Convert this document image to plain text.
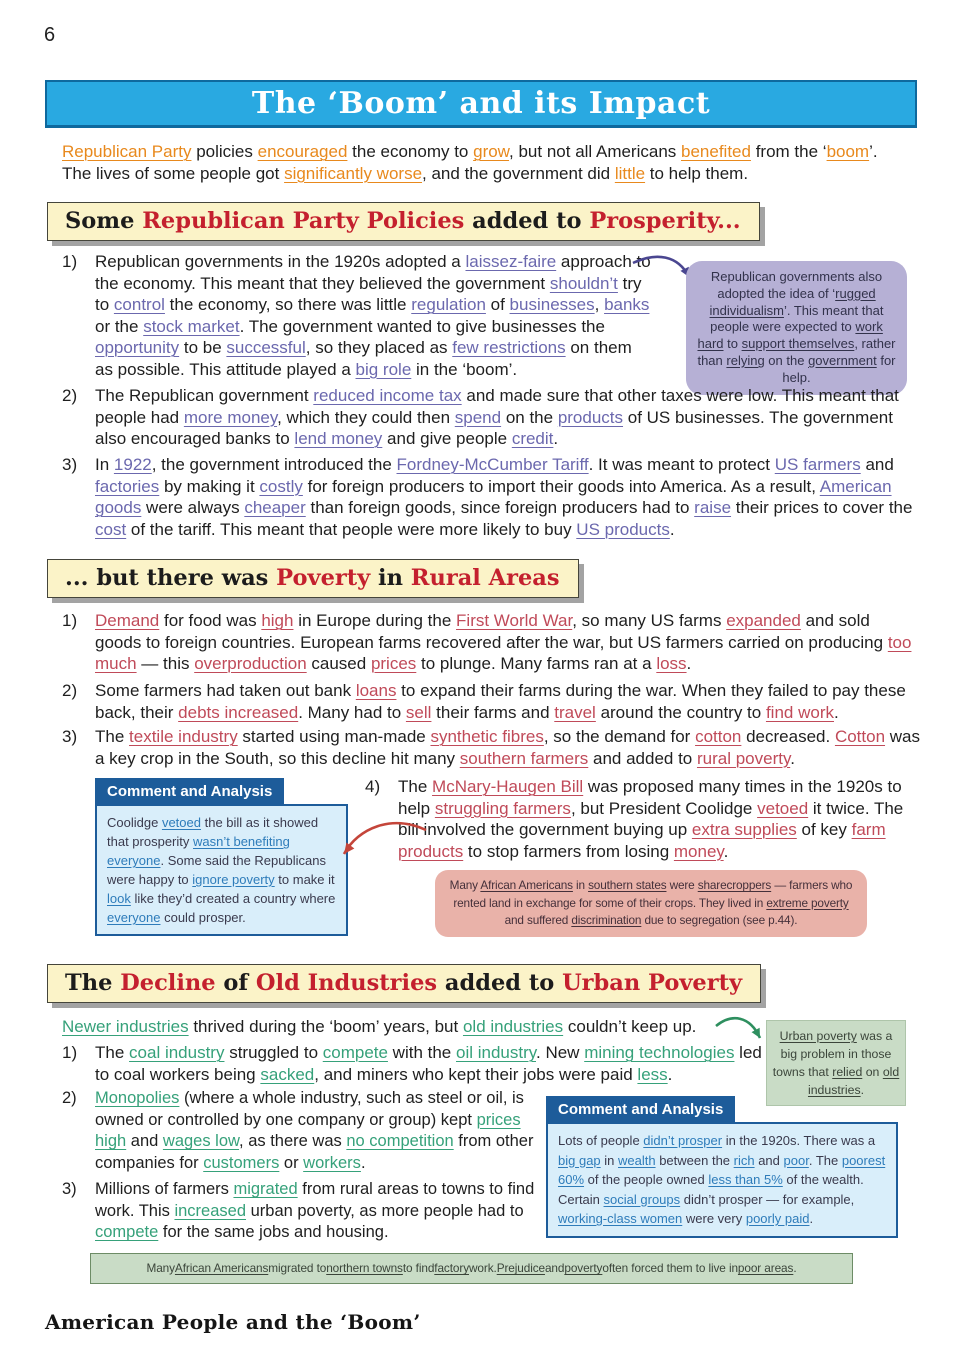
6
The ‘Boom’ and its Impact
Republican Party policies encouraged the economy to grow, but not all Americans benefited from the ‘boom’. The lives of some people got significantly worse, and the government did little to help them.
Some Republican Party Policies added to Prosperity...
1)	Republican governments in the 1920s adopted a laissez-faire approach to the economy. This meant that they believed the government shouldn’t try to control the economy, so there was little regulation of businesses, banks or the stock market. The government wanted to give businesses the opportunity to be successful, so they placed as few restrictions on them as possible. This attitude played a big role in the ‘boom’.
Republican governments also adopted the idea of ‘rugged individualism’. This meant that people were expected to work hard to support themselves, rather than relying on the government for help.
2)	The Republican government reduced income tax and made sure that other taxes were low. This meant that people had more money, which they could then spend on the products of US businesses. The government also encouraged banks to lend money and give people credit.
3)	In 1922, the government introduced the Fordney-McCumber Tariff. It was meant to protect US farmers and factories by making it costly for foreign producers to import their goods into America. As a result, American goods were always cheaper than foreign goods, since foreign producers had to raise their prices to cover the cost of the tariff. This meant that people were more likely to buy US products.
... but there was Poverty in Rural Areas
1)	Demand for food was high in Europe during the First World War, so many US farms expanded and sold goods to foreign countries. European farms recovered after the war, but US farmers carried on producing too much — this overproduction caused prices to plunge. Many farms ran at a loss.
2)	Some farmers had taken out bank loans to expand their farms during the war. When they failed to pay these back, their debts increased. Many had to sell their farms and travel around the country to find work.
3)	The textile industry started using man-made synthetic fibres, so the demand for cotton decreased. Cotton was a key crop in the South, so this decline hit many southern farmers and added to rural poverty.
Comment and Analysis
Coolidge vetoed the bill as it showed that prosperity wasn’t benefiting everyone. Some said the Republicans were happy to ignore poverty to make it look like they’d created a country where everyone could prosper.
4)	The McNary-Haugen Bill was proposed many times in the 1920s to help struggling farmers, but President Coolidge vetoed it twice. The bill involved the government buying up extra supplies of key farm products to stop farmers from losing money.
Many African Americans in southern states were sharecroppers — farmers who rented land in exchange for some of their crops. They lived in extreme poverty and suffered discrimination due to segregation (see p.44).
The Decline of Old Industries added to Urban Poverty
Newer industries thrived during the ‘boom’ years, but old industries couldn’t keep up.	Urban poverty was a big problem in those towns that relied on old industries.
1)	The coal industry struggled to compete with the oil industry. New mining technologies led to coal workers being sacked, and miners who kept their jobs were paid less.
2)	Monopolies (where a whole industry, such as steel or oil, is owned or controlled by one company or group) kept prices high and wages low, as there was no competition from other companies for customers or workers.
Comment and Analysis
Lots of people didn’t prosper in the 1920s. There was a big gap in wealth between the rich and poor. The poorest 60% of the people owned less than 5% of the wealth. Certain social groups didn’t prosper — for example, working-class women were very poorly paid.
3)	Millions of farmers migrated from rural areas to towns to find work. This increased urban poverty, as more people had to compete for the same jobs and housing.
Many African Americans migrated to northern towns to find factory work. Prejudice and poverty often forced them to live in poor areas .
American People and the ‘Boom’
